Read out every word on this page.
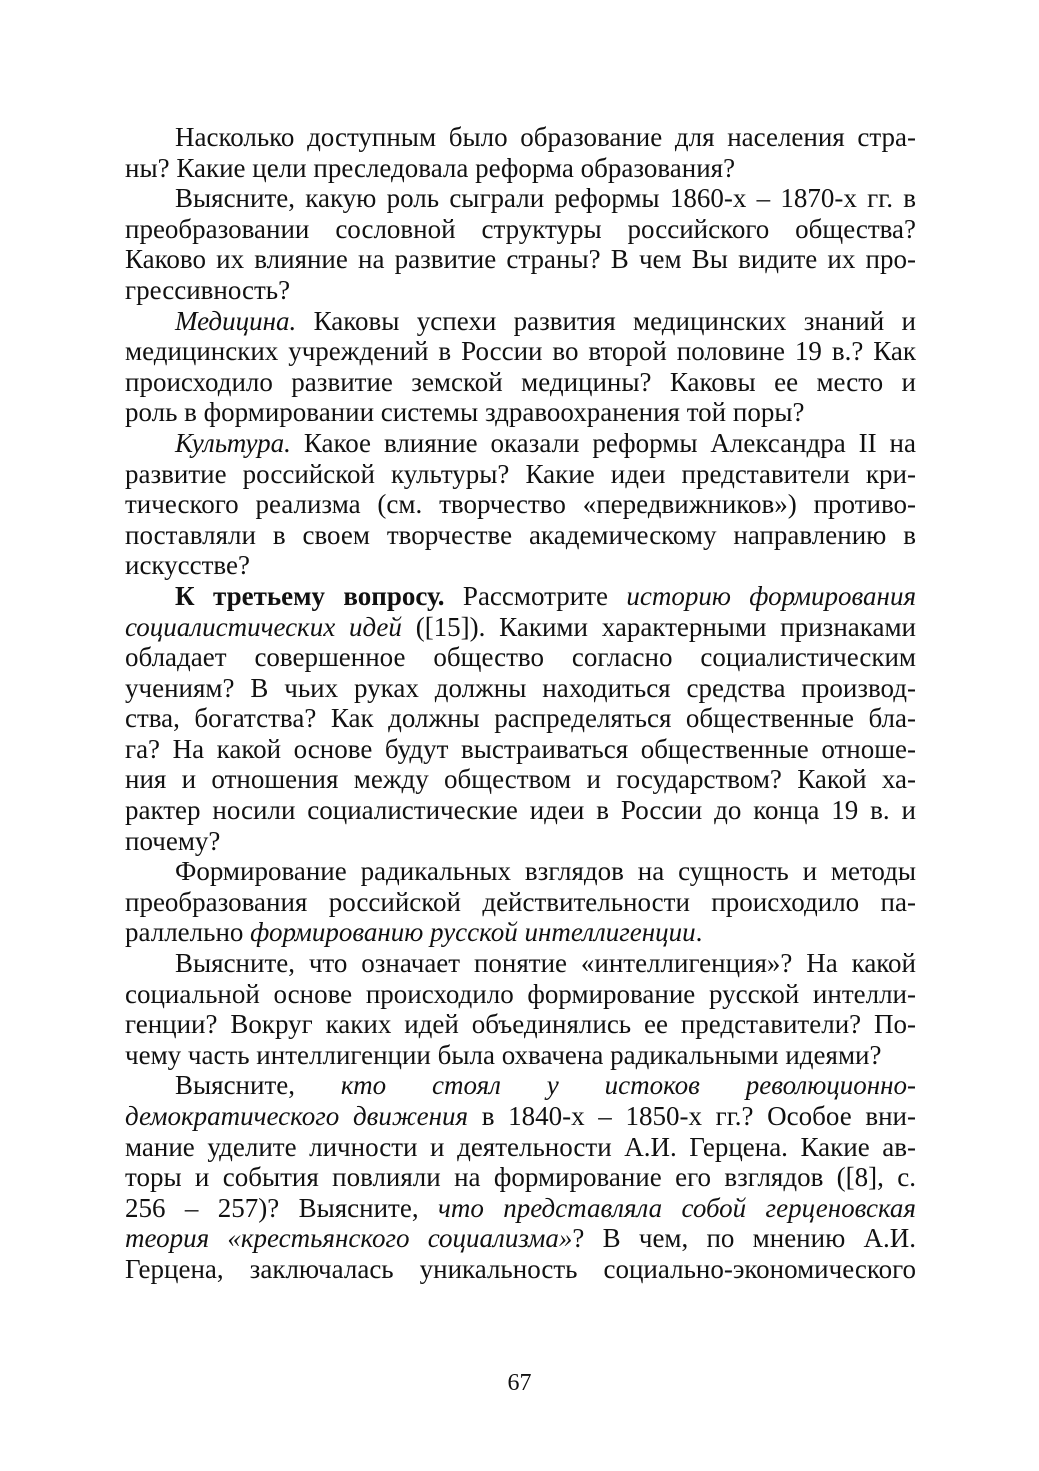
Насколько доступным было образование для населения стра-
ны? Какие цели преследовала реформа образования?
Выясните, какую роль сыграли реформы 1860-х – 1870-х гг. в
преобразовании сословной структуры российского общества?
Каково их влияние на развитие страны? В чем Вы видите их про-
грессивность?
Медицина. Каковы успехи развития медицинских знаний и
медицинских учреждений в России во второй половине 19 в.? Как
происходило развитие земской медицины? Каковы ее место и
роль в формировании системы здравоохранения той поры?
Культура. Какое влияние оказали реформы Александра II на
развитие российской культуры? Какие идеи представители кри-
тического реализма (см. творчество «передвижников») противо-
поставляли в своем творчестве академическому направлению в
искусстве?
К третьему вопросу. Рассмотрите историю формирования
социалистических идей ([15]). Какими характерными признаками
обладает совершенное общество согласно социалистическим
учениям? В чьих руках должны находиться средства производ-
ства, богатства? Как должны распределяться общественные бла-
га? На какой основе будут выстраиваться общественные отноше-
ния и отношения между обществом и государством? Какой ха-
рактер носили социалистические идеи в России до конца 19 в. и
почему?
Формирование радикальных взглядов на сущность и методы
преобразования российской действительности происходило па-
раллельно формированию русской интеллигенции.
Выясните, что означает понятие «интеллигенция»? На какой
социальной основе происходило формирование русской интелли-
генции? Вокруг каких идей объединялись ее представители? По-
чему часть интеллигенции была охвачена радикальными идеями?
Выясните, кто стоял у истоков революционно-
демократического движения в 1840-х – 1850-х гг.? Особое вни-
мание уделите личности и деятельности А.И. Герцена. Какие ав-
торы и события повлияли на формирование его взглядов ([8], с.
256 – 257)? Выясните, что представляла собой герценовская
теория «крестьянского социализма»? В чем, по мнению А.И.
Герцена, заключалась уникальность социально-экономического
67
